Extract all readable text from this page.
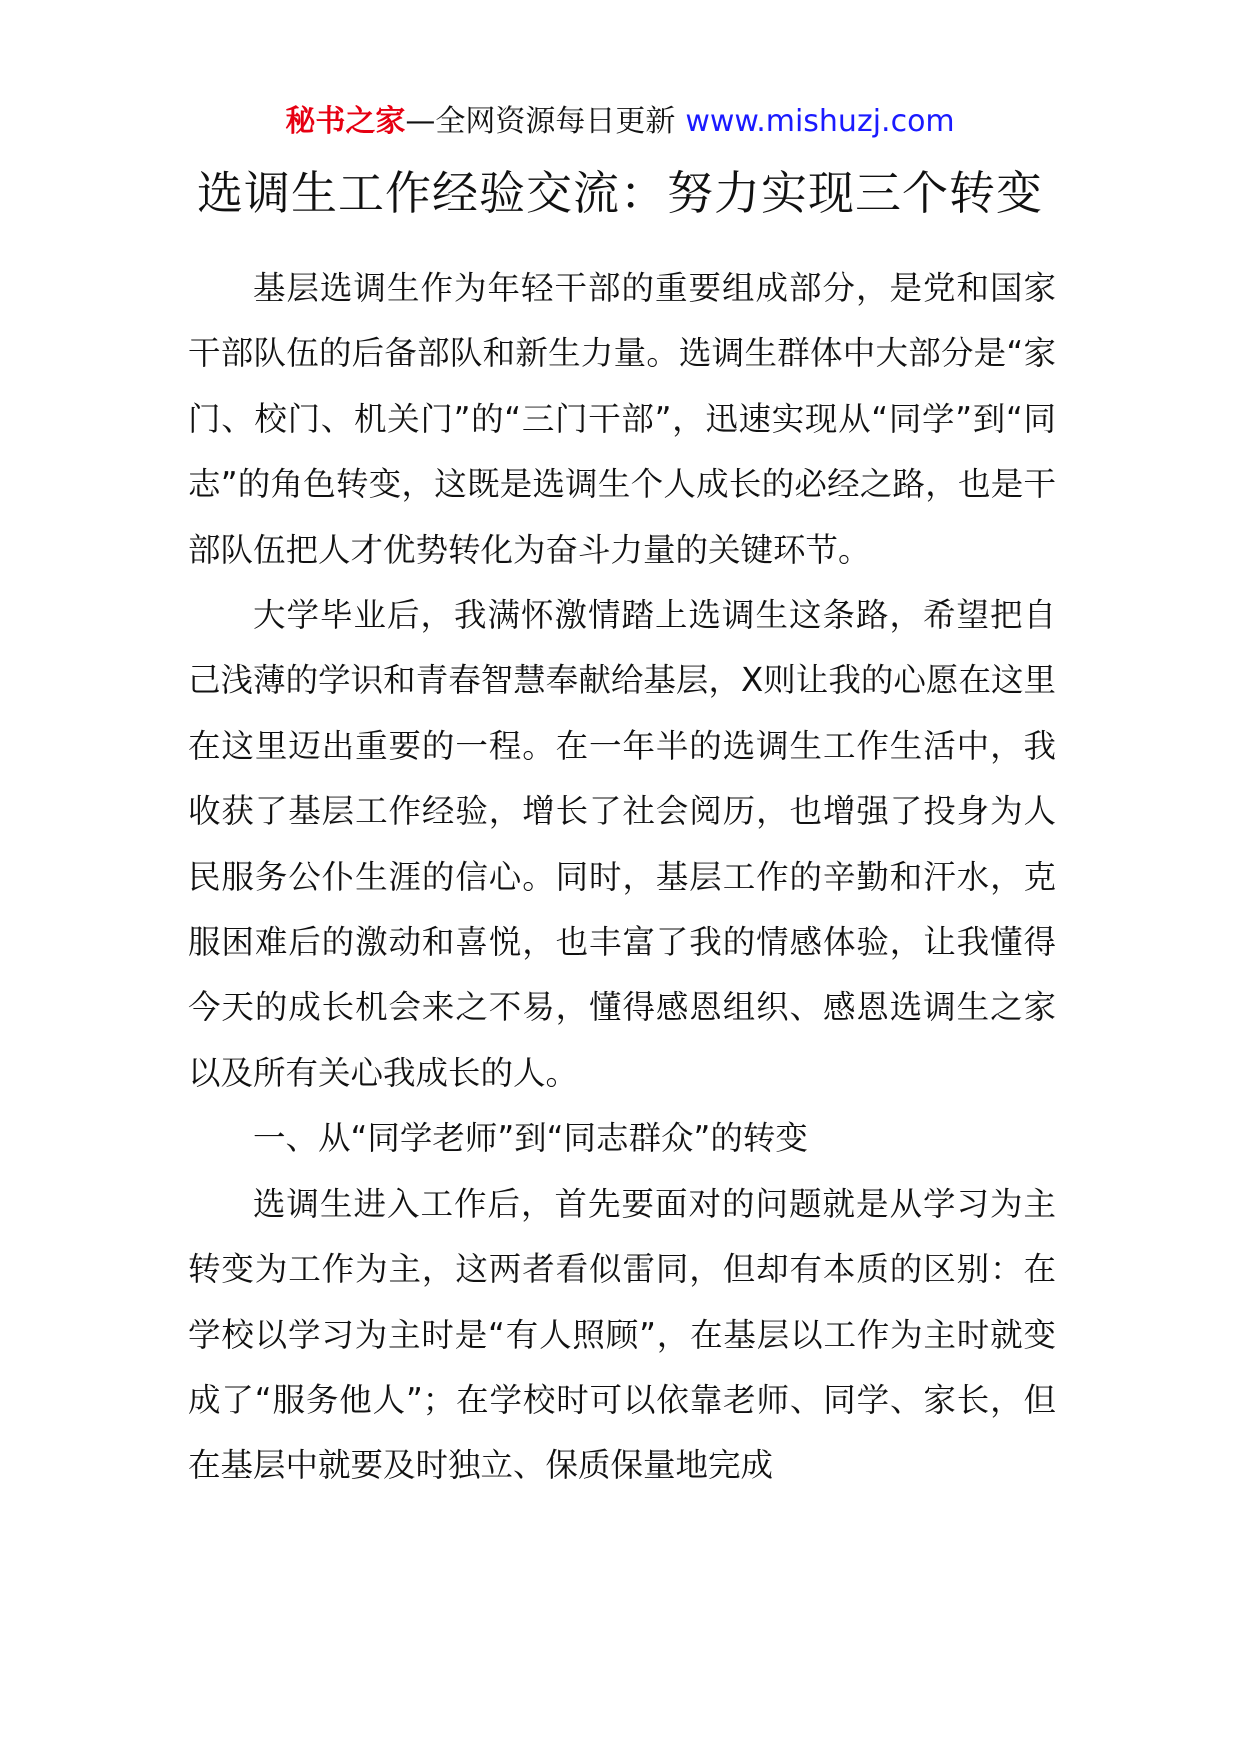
秘书之家—全网资源每日更新 www.mishuzj.com
选调生工作经验交流：努力实现三个转变

基层选调生作为年轻干部的重要组成部分，是党和国家干部队伍的后备部队和新生力量。选调生群体中大部分是“家门、校门、机关门”的“三门干部”，迅速实现从“同学”到“同志”的角色转变，这既是选调生个人成长的必经之路，也是干部队伍把人才优势转化为奋斗力量的关键环节。

大学毕业后，我满怀激情踏上选调生这条路，希望把自己浅薄的学识和青春智慧奉献给基层，X则让我的心愿在这里在这里迈出重要的一程。在一年半的选调生工作生活中，我收获了基层工作经验，增长了社会阅历，也增强了投身为人民服务公仆生涯的信心。同时，基层工作的辛勤和汗水，克服困难后的激动和喜悦，也丰富了我的情感体验，让我懂得今天的成长机会来之不易，懂得感恩组织、感恩选调生之家以及所有关心我成长的人。

一、从“同学老师”到“同志群众”的转变

选调生进入工作后，首先要面对的问题就是从学习为主转变为工作为主，这两者看似雷同，但却有本质的区别：在学校以学习为主时是“有人照顾”，在基层以工作为主时就变成了“服务他人”；在学校时可以依靠老师、同学、家长，但在基层中就要及时独立、保质保量地完成
